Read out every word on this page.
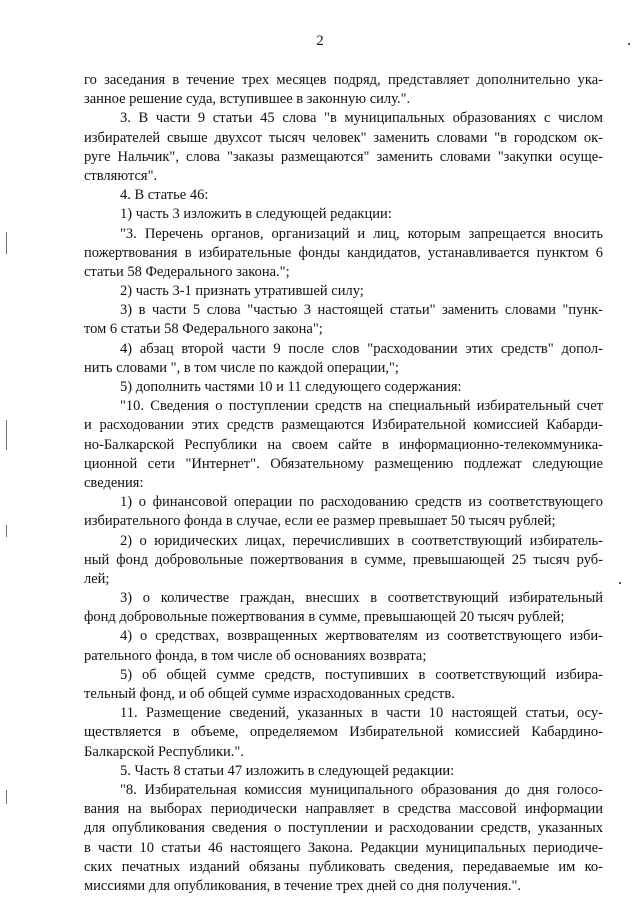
2
го заседания в течение трех месяцев подряд, представляет дополнительно ука-
занное решение суда, вступившее в законную силу.".
3. В части 9 статьи 45 слова "в муниципальных образованиях с числом
избирателей свыше двухсот тысяч человек" заменить словами "в городском ок-
руге Нальчик", слова "заказы размещаются" заменить словами "закупки осуще-
ствляются".
4. В статье 46:
1) часть 3 изложить в следующей редакции:
"3. Перечень органов, организаций и лиц, которым запрещается вносить
пожертвования в избирательные фонды кандидатов, устанавливается пунктом 6
статьи 58 Федерального закона.";
2) часть 3-1 признать утратившей силу;
3) в части 5 слова "частью 3 настоящей статьи" заменить словами "пунк-
том 6 статьи 58 Федерального закона";
4) абзац второй части 9 после слов "расходовании этих средств" допол-
нить словами ", в том числе по каждой операции,";
5) дополнить частями 10 и 11 следующего содержания:
"10. Сведения о поступлении средств на специальный избирательный счет
и расходовании этих средств размещаются Избирательной комиссией Кабарди-
но-Балкарской Республики на своем сайте в информационно-телекоммуника-
ционной сети "Интернет". Обязательному размещению подлежат следующие
сведения:
1) о финансовой операции по расходованию средств из соответствующего
избирательного фонда в случае, если ее размер превышает 50 тысяч рублей;
2) о юридических лицах, перечисливших в соответствующий избиратель-
ный фонд добровольные пожертвования в сумме, превышающей 25 тысяч руб-
лей;
3) о количестве граждан, внесших в соответствующий избирательный
фонд добровольные пожертвования в сумме, превышающей 20 тысяч рублей;
4) о средствах, возвращенных жертвователям из соответствующего изби-
рательного фонда, в том числе об основаниях возврата;
5) об общей сумме средств, поступивших в соответствующий избира-
тельный фонд, и об общей сумме израсходованных средств.
11. Размещение сведений, указанных в части 10 настоящей статьи, осу-
ществляется в объеме, определяемом Избирательной комиссией Кабардино-
Балкарской Республики.".
5. Часть 8 статьи 47 изложить в следующей редакции:
"8. Избирательная комиссия муниципального образования до дня голосо-
вания на выборах периодически направляет в средства массовой информации
для опубликования сведения о поступлении и расходовании средств, указанных
в части 10 статьи 46 настоящего Закона. Редакции муниципальных периодиче-
ских печатных изданий обязаны публиковать сведения, передаваемые им ко-
миссиями для опубликования, в течение трех дней со дня получения.".
